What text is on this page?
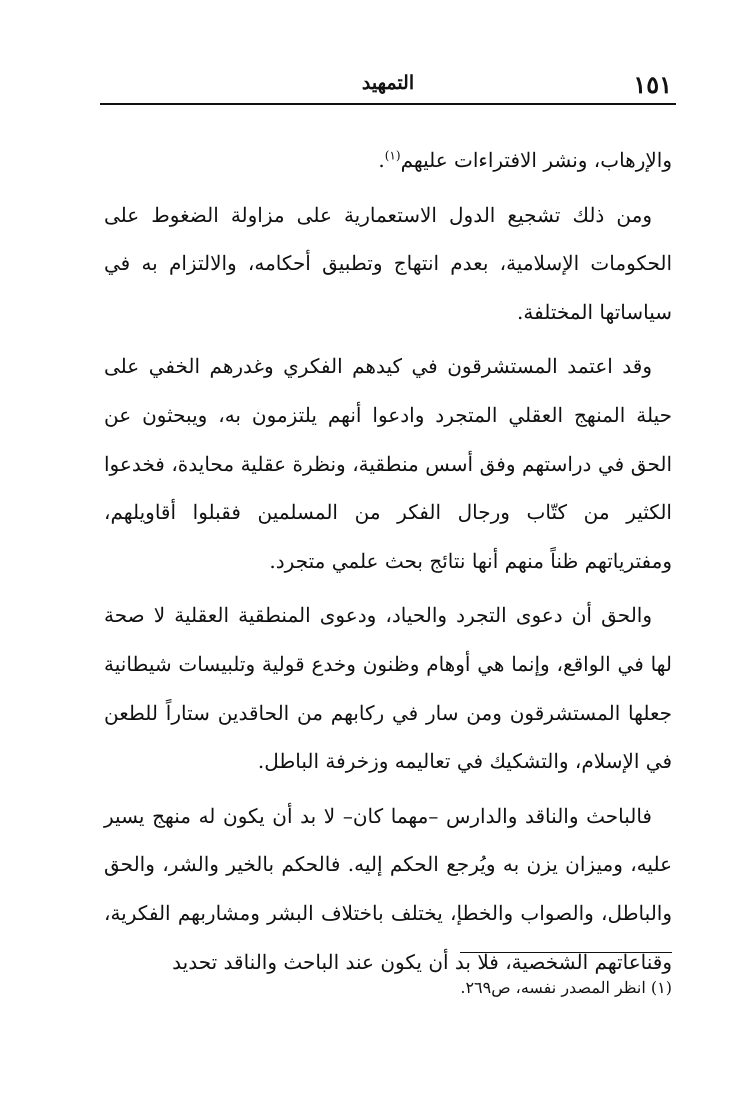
١٥١
التمهيد

والإرهاب، ونشر الافتراءات عليهم$^{(١)}$.

ومن ذلك تشجيع الدول الاستعمارية على مزاولة الضغوط على الحكومات الإسلامية، بعدم انتهاج وتطبيق أحكامه، والالتزام به في سياساتها المختلفة.

وقد اعتمد المستشرقون في كيدهم الفكري وغدرهم الخفي على حيلة المنهج العقلي المتجرد وادعوا أنهم يلتزمون به، ويبحثون عن الحق في دراستهم وفق أسس منطقية، ونظرة عقلية محايدة، فخدعوا الكثير من كتّاب ورجال الفكر من المسلمين فقبلوا أقاويلهم، ومفترياتهم ظناً منهم أنها نتائج بحث علمي متجرد.

والحق أن دعوى التجرد والحياد، ودعوى المنطقية العقلية لا صحة لها في الواقع، وإنما هي أوهام وظنون وخدع قولية وتلبيسات شيطانية جعلها المستشرقون ومن سار في ركابهم من الحاقدين ستاراً للطعن في الإسلام، والتشكيك في تعاليمه وزخرفة الباطل.

فالباحث والناقد والدارس –مهما كان– لا بد أن يكون له منهج يسير عليه، وميزان يزن به ويُرجع الحكم إليه. فالحكم بالخير والشر، والحق والباطل، والصواب والخطإ، يختلف باختلاف البشر ومشاربهم الفكرية، وقناعاتهم الشخصية، فلا بد أن يكون عند الباحث والناقد تحديد

(١) انظر المصدر نفسه، ص٢٦٩.
